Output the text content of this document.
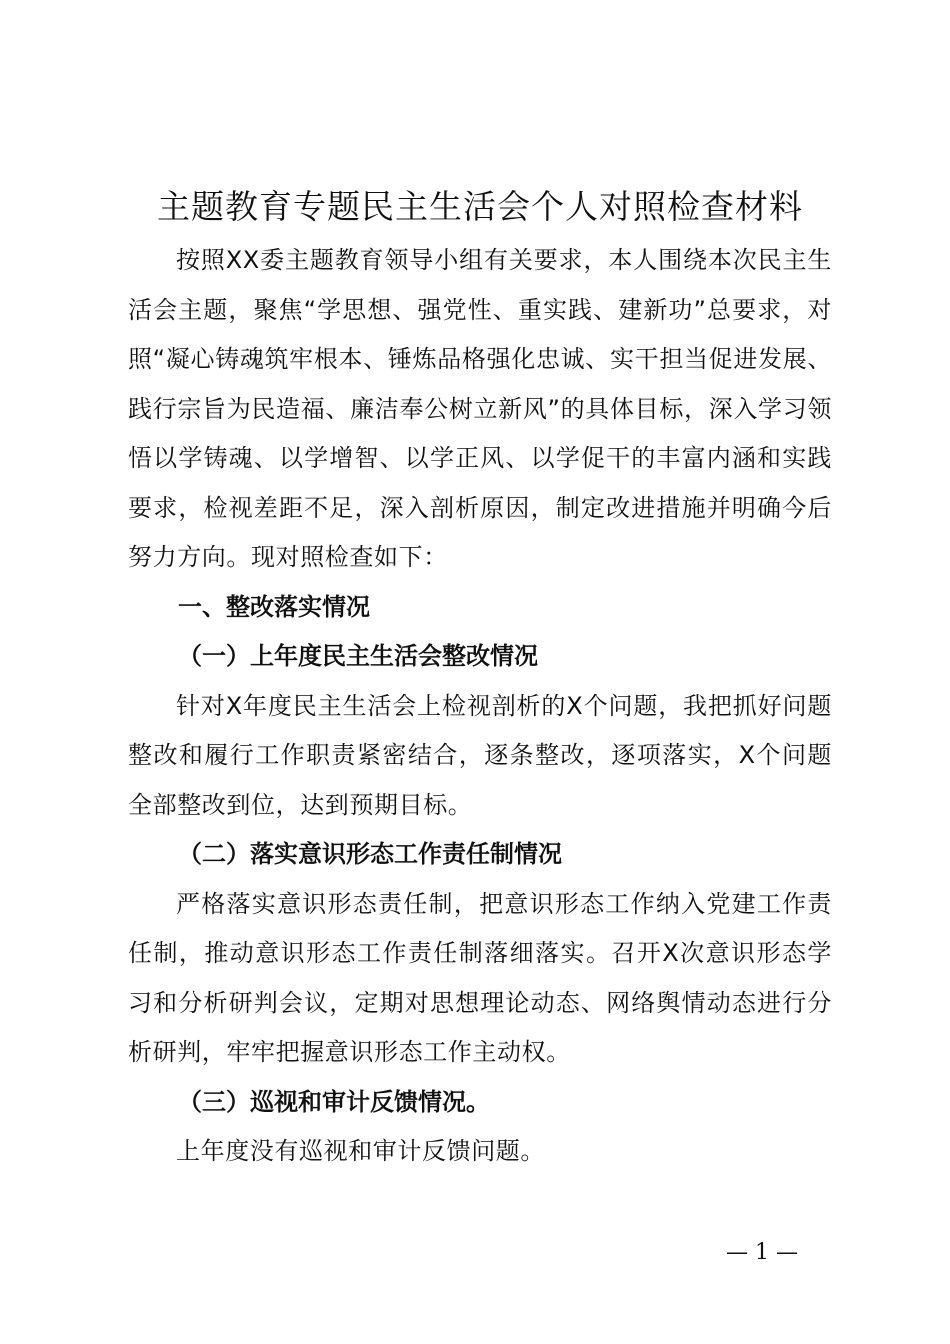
主题教育专题民主生活会个人对照检查材料

按照XX委主题教育领导小组有关要求，本人围绕本次民主生活会主题，聚焦“学思想、强党性、重实践、建新功”总要求，对照“凝心铸魂筑牢根本、锤炼品格强化忠诚、实干担当促进发展、践行宗旨为民造福、廉洁奉公树立新风”的具体目标，深入学习领悟以学铸魂、以学增智、以学正风、以学促干的丰富内涵和实践要求，检视差距不足，深入剖析原因，制定改进措施并明确今后努力方向。现对照检查如下：

一、整改落实情况

（一）上年度民主生活会整改情况

针对X年度民主生活会上检视剖析的X个问题，我把抓好问题整改和履行工作职责紧密结合，逐条整改，逐项落实，X个问题全部整改到位，达到预期目标。

（二）落实意识形态工作责任制情况

严格落实意识形态责任制，把意识形态工作纳入党建工作责任制，推动意识形态工作责任制落细落实。召开X次意识形态学习和分析研判会议，定期对思想理论动态、网络舆情动态进行分析研判，牢牢把握意识形态工作主动权。

（三）巡视和审计反馈情况。

上年度没有巡视和审计反馈问题。

— 1 —
